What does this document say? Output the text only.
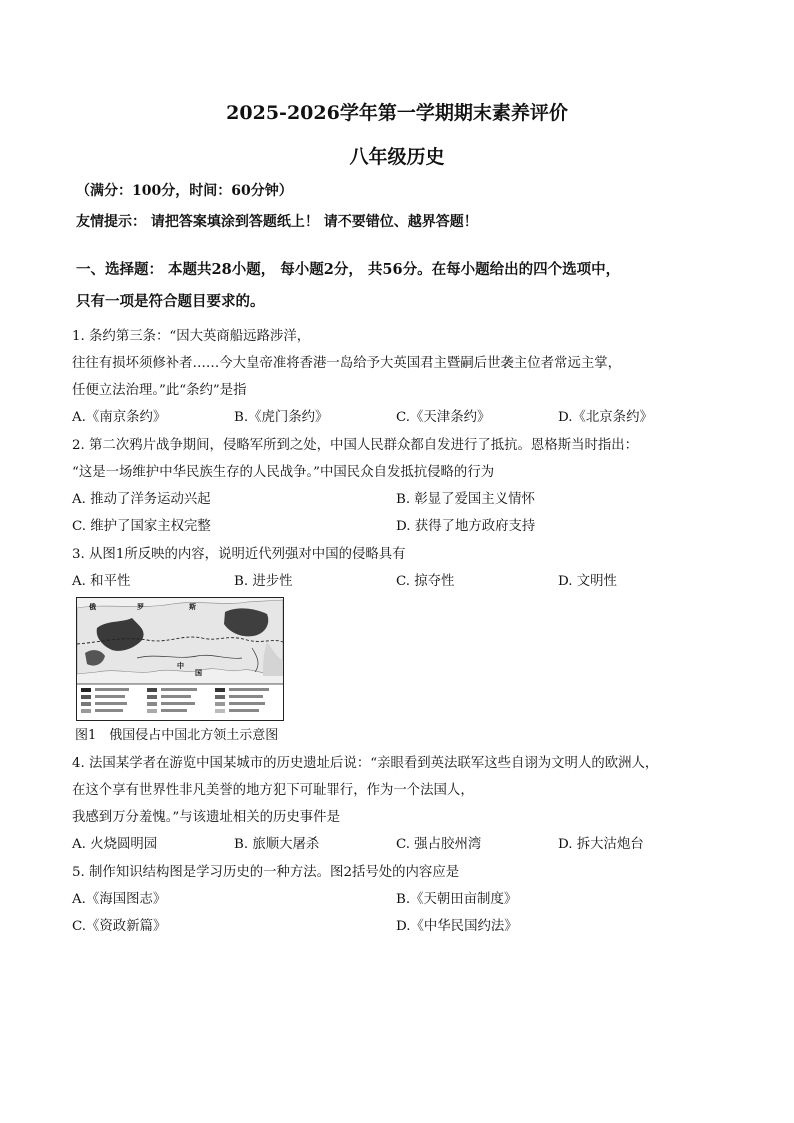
2025-2026学年第一学期期末素养评价
八年级历史
（满分：100分，时间：60分钟）
友情提示： 请把答案填涂到答题纸上！ 请不要错位、越界答题！
一、选择题： 本题共28小题， 每小题2分， 共56分。在每小题给出的四个选项中，
只有一项是符合题目要求的。
1. 条约第三条：“因大英商船远路涉洋，
往往有损坏须修补者……今大皇帝准将香港一岛给予大英国君主暨嗣后世袭主位者常远主掌，
任便立法治理。”此“条约”是指
A.《南京条约》	B.《虎门条约》	C.《天津条约》	D.《北京条约》
2. 第二次鸦片战争期间，侵略军所到之处，中国人民群众都自发进行了抵抗。恩格斯当时指出：
“这是一场维护中华民族生存的人民战争。”中国民众自发抵抗侵略的行为
A. 推动了洋务运动兴起	B. 彰显了爱国主义情怀
C. 维护了国家主权完整	D. 获得了地方政府支持
3. 从图1所反映的内容，说明近代列强对中国的侵略具有
A. 和平性	B. 进步性	C. 掠夺性	D. 文明性
俄	罗	斯
中
国
图1　俄国侵占中国北方领土示意图
4. 法国某学者在游览中国某城市的历史遗址后说：“亲眼看到英法联军这些自诩为文明人的欧洲人，
在这个享有世界性非凡美誉的地方犯下可耻罪行，作为一个法国人，
我感到万分羞愧。”与该遗址相关的历史事件是
A. 火烧圆明园	B. 旅顺大屠杀	C. 强占胶州湾	D. 拆大沽炮台
5. 制作知识结构图是学习历史的一种方法。图2括号处的内容应是
A.《海国图志》	B.《天朝田亩制度》
C.《资政新篇》	D.《中华民国约法》
